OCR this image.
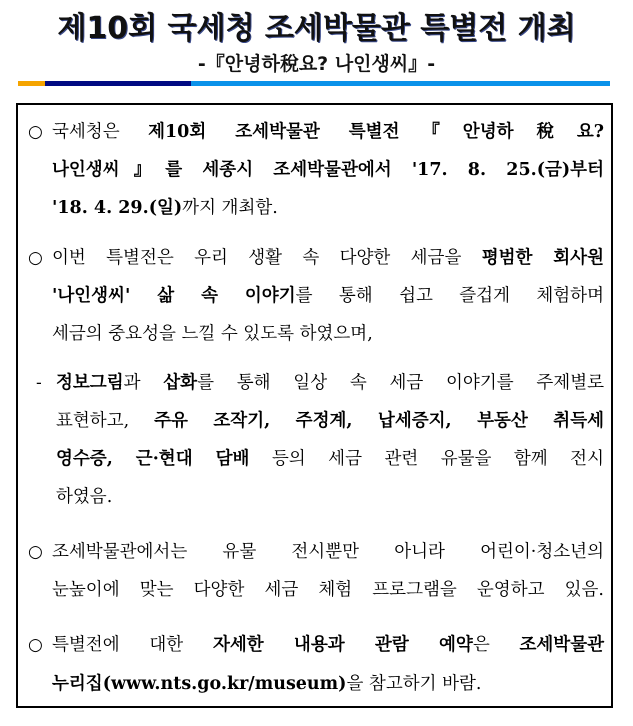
제10회 국세청 조세박물관 특별전 개최
-『안녕하稅요? 나인생씨』-
○ 국세청은 제10회 조세박물관 특별전『안녕하稅요?
나인생씨』를 세종시 조세박물관에서 '17. 8. 25.(금)부터
'18. 4. 29.(일)까지 개최함.
○ 이번 특별전은 우리 생활 속 다양한 세금을 평범한 회사원
'나인생씨' 삶 속 이야기를 통해 쉽고 즐겁게 체험하며
세금의 중요성을 느낄 수 있도록 하였으며,
- 정보그림과 삽화를 통해 일상 속 세금 이야기를 주제별로
표현하고, 주유 조작기, 주정계, 납세증지, 부동산 취득세
영수증, 근·현대 담배 등의 세금 관련 유물을 함께 전시
하였음.
○ 조세박물관에서는 유물 전시뿐만 아니라 어린이·청소년의
눈높이에 맞는 다양한 세금 체험 프로그램을 운영하고 있음.
○ 특별전에 대한 자세한 내용과 관람 예약은 조세박물관
누리집(www.nts.go.kr/museum)을 참고하기 바람.
